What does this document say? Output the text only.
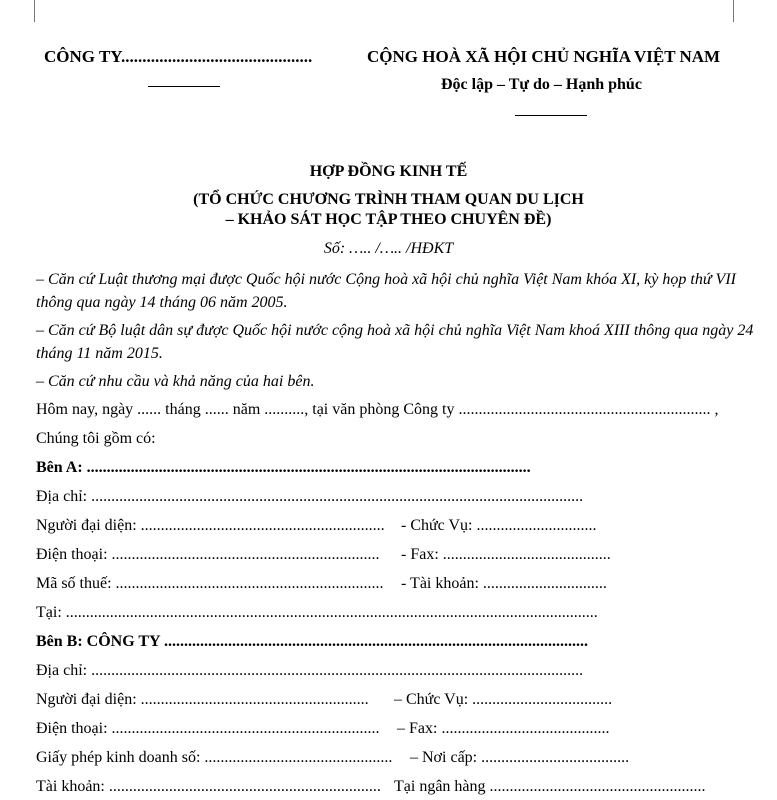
CÔNG TY.............................................	CỘNG HOÀ XÃ HỘI CHỦ NGHĨA VIỆT NAM
Độc lập – Tự do – Hạnh phúc
HỢP ĐỒNG KINH TẾ
(TỔ CHỨC CHƯƠNG TRÌNH THAM QUAN DU LỊCH
– KHẢO SÁT HỌC TẬP THEO CHUYÊN ĐỀ)
Số: ….. /….. /HĐKT
– Căn cứ Luật thương mại được Quốc hội nước Cộng hoà xã hội chủ nghĩa Việt Nam khóa XI, kỳ họp thứ VII thông qua ngày 14 tháng 06 năm 2005.
– Căn cứ Bộ luật dân sự được Quốc hội nước cộng hoà xã hội chủ nghĩa Việt Nam khoá XIII thông qua ngày 24 tháng 11 năm 2015.
– Căn cứ nhu cầu và khả năng của hai bên.
Hôm nay, ngày ...... tháng ...... năm .........., tại văn phòng Công ty ............................................................... ,
Chúng tôi gồm có:
Bên A: ...............................................................................................................
Địa chỉ: ...........................................................................................................................
Người đại diện: ............................................................. - Chức Vụ: ..............................
Điện thoại: ................................................................... - Fax: ..........................................
Mã số thuế: ................................................................... - Tài khoản: ...............................
Tại: .....................................................................................................................................
Bên B: CÔNG TY ..........................................................................................................
Địa chỉ: ...........................................................................................................................
Người đại diện: ......................................................... – Chức Vụ: ...................................
Điện thoại: ................................................................... – Fax: ..........................................
Giấy phép kinh doanh số: ............................................... – Nơi cấp: .....................................
Tài khoản: .................................................................... Tại ngân hàng ......................................................
